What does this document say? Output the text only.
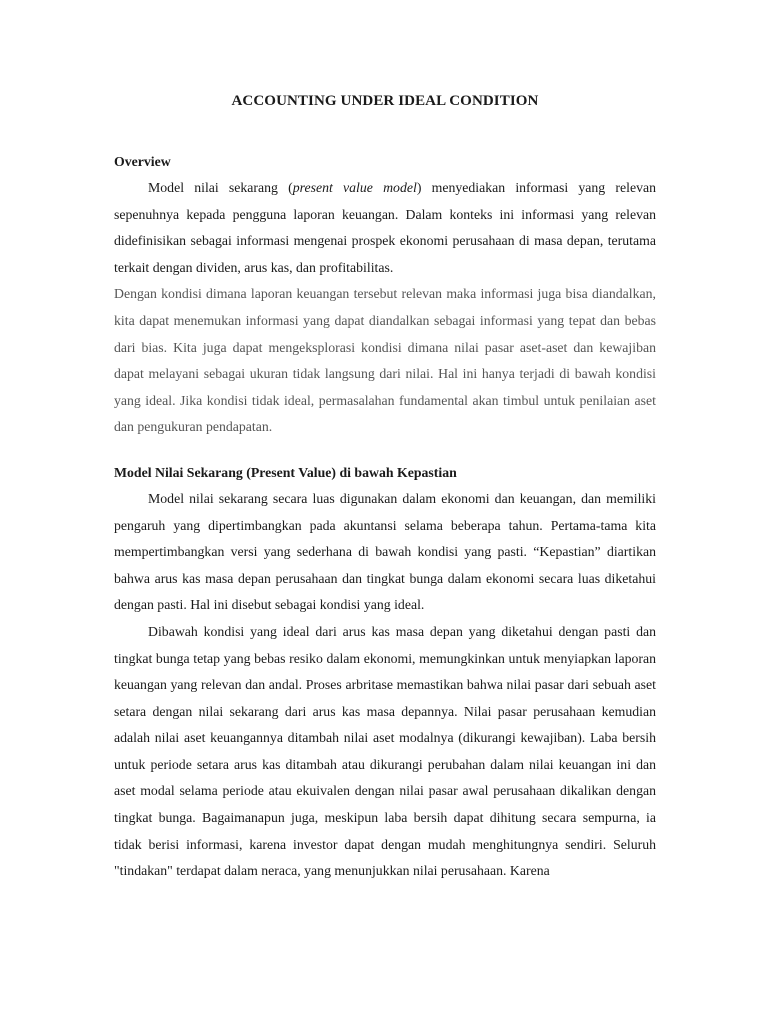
ACCOUNTING UNDER IDEAL CONDITION
Overview

Model nilai sekarang (present value model) menyediakan informasi yang relevan sepenuhnya kepada pengguna laporan keuangan. Dalam konteks ini informasi yang relevan didefinisikan sebagai informasi mengenai prospek ekonomi perusahaan di masa depan, terutama terkait dengan dividen, arus kas, dan profitabilitas.

Dengan kondisi dimana laporan keuangan tersebut relevan maka informasi juga bisa diandalkan, kita dapat menemukan informasi yang dapat diandalkan sebagai informasi yang tepat dan bebas dari bias. Kita juga dapat mengeksplorasi kondisi dimana nilai pasar aset-aset dan kewajiban dapat melayani sebagai ukuran tidak langsung dari nilai. Hal ini hanya terjadi di bawah kondisi yang ideal. Jika kondisi tidak ideal, permasalahan fundamental akan timbul untuk penilaian aset dan pengukuran pendapatan.

Model Nilai Sekarang (Present Value) di bawah Kepastian

Model nilai sekarang secara luas digunakan dalam ekonomi dan keuangan, dan memiliki pengaruh yang dipertimbangkan pada akuntansi selama beberapa tahun. Pertama-tama kita mempertimbangkan versi yang sederhana di bawah kondisi yang pasti. “Kepastian” diartikan bahwa arus kas masa depan perusahaan dan tingkat bunga dalam ekonomi secara luas diketahui dengan pasti. Hal ini disebut sebagai kondisi yang ideal.

Dibawah kondisi yang ideal dari arus kas masa depan yang diketahui dengan pasti dan tingkat bunga tetap yang bebas resiko dalam ekonomi, memungkinkan untuk menyiapkan laporan keuangan yang relevan dan andal. Proses arbritase memastikan bahwa nilai pasar dari sebuah aset setara dengan nilai sekarang dari arus kas masa depannya. Nilai pasar perusahaan kemudian adalah nilai aset keuangannya ditambah nilai aset modalnya (dikurangi kewajiban). Laba bersih untuk periode setara arus kas ditambah atau dikurangi perubahan dalam nilai keuangan ini dan aset modal selama periode atau ekuivalen dengan nilai pasar awal perusahaan dikalikan dengan tingkat bunga. Bagaimanapun juga, meskipun laba bersih dapat dihitung secara sempurna, ia tidak berisi informasi, karena investor dapat dengan mudah menghitungnya sendiri. Seluruh "tindakan" terdapat dalam neraca, yang menunjukkan nilai perusahaan. Karena
